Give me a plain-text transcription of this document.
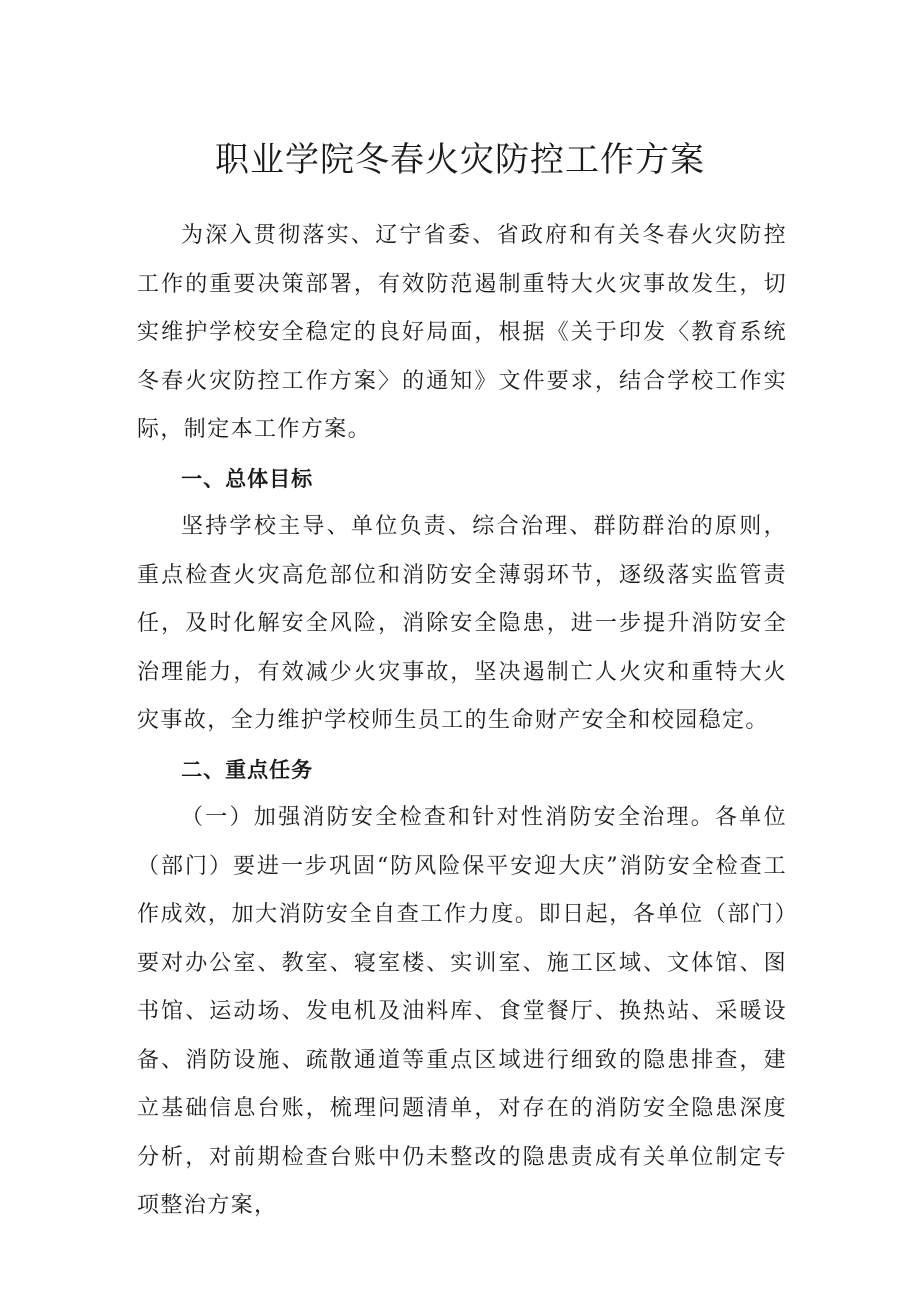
职业学院冬春火灾防控工作方案

为深入贯彻落实、辽宁省委、省政府和有关冬春火灾防控工作的重要决策部署，有效防范遏制重特大火灾事故发生，切实维护学校安全稳定的良好局面，根据《关于印发〈教育系统冬春火灾防控工作方案〉的通知》文件要求，结合学校工作实际，制定本工作方案。

一、总体目标

坚持学校主导、单位负责、综合治理、群防群治的原则，重点检查火灾高危部位和消防安全薄弱环节，逐级落实监管责任，及时化解安全风险，消除安全隐患，进一步提升消防安全治理能力，有效减少火灾事故，坚决遏制亡人火灾和重特大火灾事故，全力维护学校师生员工的生命财产安全和校园稳定。

二、重点任务

（一）加强消防安全检查和针对性消防安全治理。各单位（部门）要进一步巩固“防风险保平安迎大庆”消防安全检查工作成效，加大消防安全自查工作力度。即日起，各单位（部门）要对办公室、教室、寝室楼、实训室、施工区域、文体馆、图书馆、运动场、发电机及油料库、食堂餐厅、换热站、采暖设备、消防设施、疏散通道等重点区域进行细致的隐患排查，建立基础信息台账，梳理问题清单，对存在的消防安全隐患深度分析，对前期检查台账中仍未整改的隐患责成有关单位制定专项整治方案，
